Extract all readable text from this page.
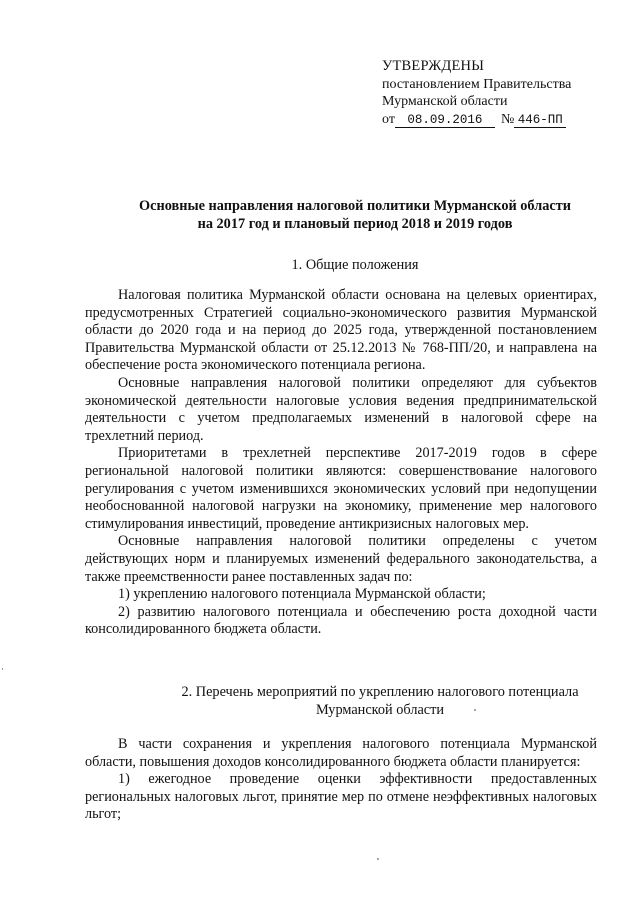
УТВЕРЖДЕНЫ
постановлением Правительства
Мурманской области
от 08.09.2016	№ 446-ПП
Основные направления налоговой политики Мурманской области
на 2017 год и плановый период 2018 и 2019 годов
1. Общие положения

Налоговая политика Мурманской области основана на целевых ориентирах, предусмотренных Стратегией социально-экономического развития Мурманской области до 2020 года и на период до 2025 года, утвержденной постановлением Правительства Мурманской области от 25.12.2013 № 768-ПП/20, и направлена на обеспечение роста экономического потенциала региона.

Основные направления налоговой политики определяют для субъектов экономической деятельности налоговые условия ведения предпринимательской деятельности с учетом предполагаемых изменений в налоговой сфере на трехлетний период.

Приоритетами в трехлетней перспективе 2017-2019 годов в сфере региональной налоговой политики являются: совершенствование налогового регулирования с учетом изменившихся экономических условий при недопущении необоснованной налоговой нагрузки на экономику, применение мер налогового стимулирования инвестиций, проведение антикризисных налоговых мер.

Основные направления налоговой политики определены с учетом действующих норм и планируемых изменений федерального законодательства, а также преемственности ранее поставленных задач по:

1) укреплению налогового потенциала Мурманской области;

2) развитию налогового потенциала и обеспечению роста доходной части консолидированного бюджета области.

2. Перечень мероприятий по укреплению налогового потенциала
Мурманской области

В части сохранения и укрепления налогового потенциала Мурманской области, повышения доходов консолидированного бюджета области планируется:

1) ежегодное проведение оценки эффективности предоставленных региональных налоговых льгот, принятие мер по отмене неэффективных налоговых льгот;
